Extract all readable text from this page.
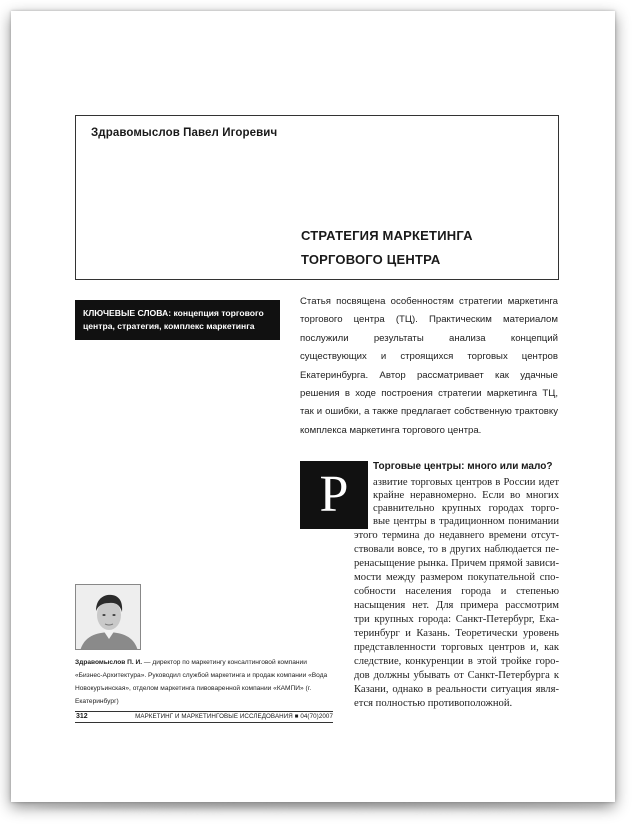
Здравомыслов Павел Игоревич
СТРАТЕГИЯ МАРКЕТИНГА ТОРГОВОГО ЦЕНТРА
КЛЮЧЕВЫЕ СЛОВА: концепция торгового центра, стратегия, комплекс маркетинга
Статья посвящена особенностям стратегии маркетинга торгового центра (ТЦ). Практическим материалом послужили результаты анализа концепций существующих и строящихся торговых центров Екатеринбурга. Автор рассматривает как удачные решения в ходе построения стратегии маркетинга ТЦ, так и ошибки, а также предлагает собственную трактовку комплекса маркетинга торгового центра.
Р	Торговые центры: много или мало?
азвитие торговых центров в России идет
крайне неравномерно. Если во многих
сравнительно крупных городах торго-
вые центры в традиционном понимании
этого термина до недавнего времени отсут-
ствовали вовсе, то в других наблюдается пе-
ренасыщение рынка. Причем прямой зависи-
мости между размером покупательной спо-
собности населения города и степенью
насыщения нет. Для примера рассмотрим
три крупных города: Санкт-Петербург, Ека-
теринбург и Казань. Теоретически уровень
представленности торговых центров и, как
следствие, конкуренции в этой тройке горо-
дов должны убывать от Санкт-Петербурга к
Казани, однако в реальности ситуация явля-
ется полностью противоположной.
Здравомыслов П. И. — директор по маркетингу консалтинговой компании «Бизнес-Архитектура». Руководил службой маркетинга и продаж компании «Вода Новокуръинская», отделом маркетинга пивоваренной компании «КАМПИ» (г. Екатеринбург)
312	МАРКЕТИНГ И МАРКЕТИНГОВЫЕ ИССЛЕДОВАНИЯ ■ 04(70)2007
